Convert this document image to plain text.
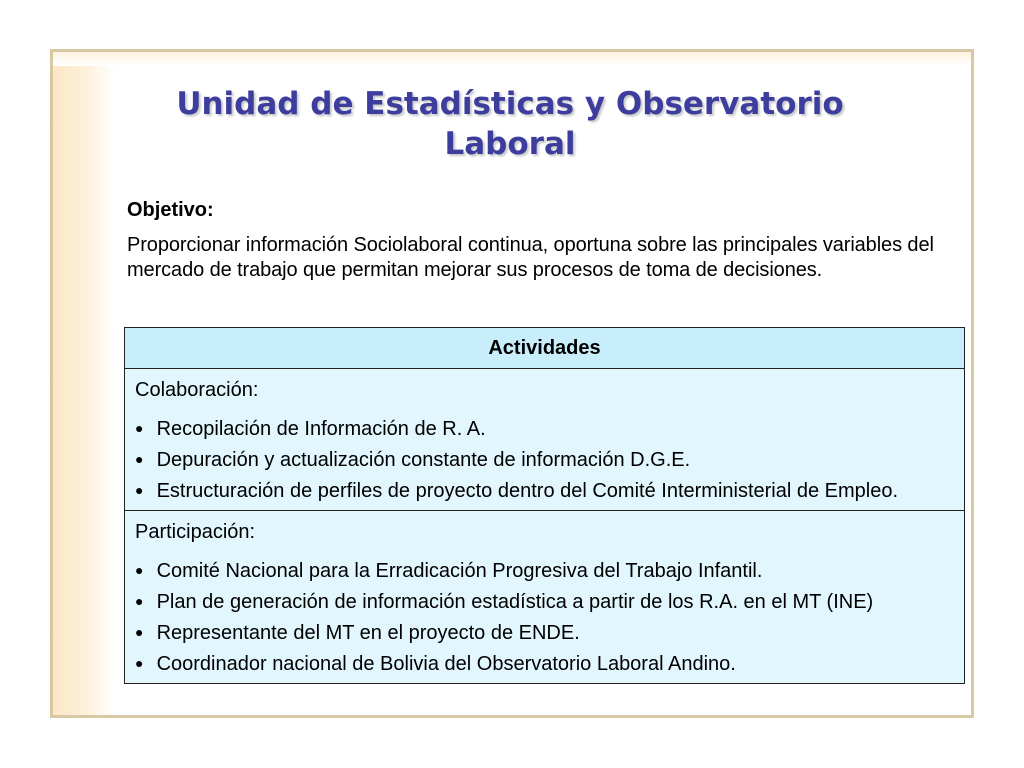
Unidad de Estadísticas y Observatorio
Laboral
Objetivo:
Proporcionar información Sociolaboral continua, oportuna sobre las principales variables del mercado de trabajo que permitan mejorar sus procesos de toma de decisiones.
Actividades

Colaboración:
● Recopilación de Información de R. A.
● Depuración y actualización constante de información D.G.E.
● Estructuración de perfiles de proyecto dentro del Comité Interministerial de Empleo.

Participación:
● Comité Nacional para la Erradicación Progresiva del Trabajo Infantil.
● Plan de generación de información estadística a partir de los R.A. en el MT (INE)
● Representante del MT en el proyecto de ENDE.
● Coordinador nacional de Bolivia del Observatorio Laboral Andino.
